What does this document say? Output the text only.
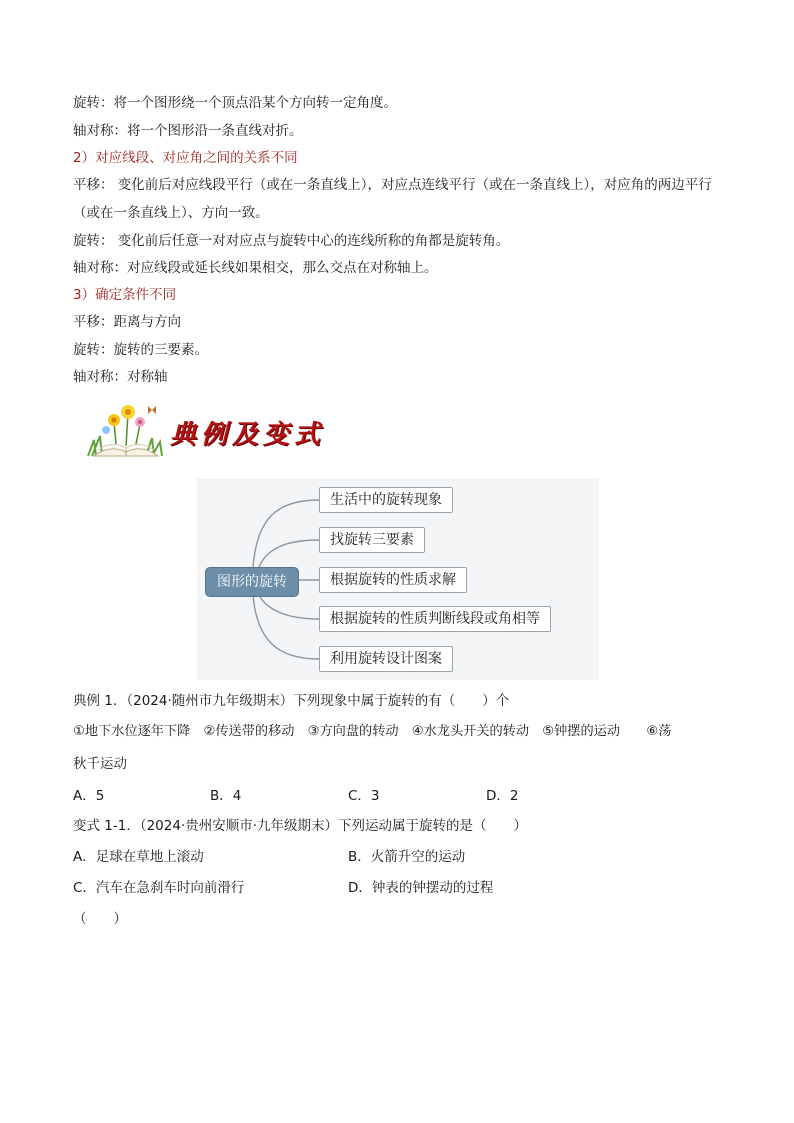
旋转：将一个图形绕一个顶点沿某个方向转一定角度。
轴对称：将一个图形沿一条直线对折。
2）对应线段、对应角之间的关系不同
平移： 变化前后对应线段平行（或在一条直线上），对应点连线平行（或在一条直线上），对应角的两边平行
（或在一条直线上）、方向一致。
旋转： 变化前后任意一对对应点与旋转中心的连线所称的角都是旋转角。
轴对称：对应线段或延长线如果相交，那么交点在对称轴上。
3）确定条件不同
平移：距离与方向
旋转：旋转的三要素。
轴对称：对称轴
典例及变式
图形的旋转
生活中的旋转现象
找旋转三要素
根据旋转的性质求解
根据旋转的性质判断线段或角相等
利用旋转设计图案
典例 1．（2024·随州市九年级期末）下列现象中属于旋转的有（　　）个
①地下水位逐年下降　②传送带的移动　③方向盘的转动　④水龙头开关的转动　⑤钟摆的运动　　⑥荡
秋千运动
A．5	B．4	C．3	D．2
变式 1-1．（2024·贵州安顺市·九年级期末）下列运动属于旋转的是（　　）
A．足球在草地上滚动	B．火箭升空的运动
C．汽车在急刹车时向前滑行	D．钟表的钟摆动的过程
（　　）
